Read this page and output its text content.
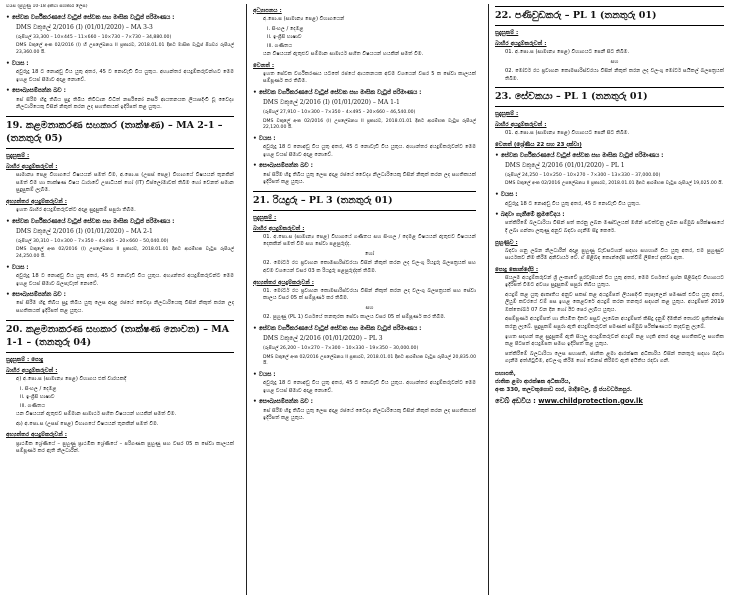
වයස (පුහුණු 10-18 දක්වා සහකාර ලෙස)
• සේවක වර්ගීකරණයේ වැටුප් සේවක සහ මාසික වැටුප් පරිමාණය :
DMS වකුලේ 2/2016 (I) (01/01/2020) – MA 3-3
(රුපියල් 33,300 – 10×445 – 11×660 – 10×730 – 7×730 – 34,880.00)
DMS වකුලේ අංක 02/2016 (I) හි උපලේඛනය II ප්‍රකාරව, 2018.01.01 දිනට මාසික වැටුප් පියවර රුපියල් 23,360.00 යි.
• වයස :
අවුරුදු 18 ට නොඅඩු විය යුතු අතර, 45 ට නොවැඩි විය යුතුය. අභ්‍යන්තර අයදුම්කරුවන්හට මෙම ඉහළ වයස් සීමාව අදාළ නොවේ.
• සෞඛ්‍යසම්පන්න බව :
සේ සිරීම හිඳු තිබිය සුදු තිබිය තිවිධාන විධිත් නර්සිනෝ නර්සි ආයතනයක ලියාපදිංචි වූ වෛද්‍ය නිලධාරියෙකු විසින් නිකුත් කරන ලද සහතිකයක් ඉදිරිපත් කළ යුතුය.
19. කළමනාකරණ සහකාර (තාක්ෂණ) – MA 2-1 – (තනතුරු 05)
සුදුසුකම් :
බාහිර අයදුම්කරුවන් :
සාමාන්‍ය පෙළ විභාගයේ විෂයයන් සමත් වීම, අ.පො.ස (උසස් පෙළ) විභාගයේ විෂයයන් තුනකින් සමත් වීම හා තාක්ෂණ විෂය ධාරාවේ උපාධියක් හෝ (IT) ඩිප්ලෝමාවක් තිබීම හෝ වෙනත් සමාන සුදුසුකම් ලැබීම.
අභ්‍යන්තර අයදුම්කරුවන් :
ඉහත බාහිර අයදුම්කරුවන්ට අදාළ සුදුසුකම් සපුරා තිබීම.
• සේවක වර්ගීකරණයේ වැටුප් සේවක සහ මාසික වැටුප් පරිමාණය :
DMS වකුලේ 2/2016 (I) (01/01/2020) – MA 2-1
(රුපියල් 30,310 – 10×300 – 7×350 – 4×495 – 20×660 – 50,040.00)
DMS වකුලේ අංක 02/2016 (I) උපලේඛනය II ප්‍රකාරව, 2018.01.01 දිනට ආරම්භක වැටුප රුපියල් 24,250.00 යි.
• වයස :
අවුරුදු 18 ට නොඅඩු විය යුතු අතර, 45 ට නොවැඩි විය යුතුය. අභ්‍යන්තර අයදුම්කරුවන්ට මෙම ඉහළ වයස් සීමාව බලපැවැත් නොවේ.
• සෞඛ්‍යසම්පන්න බව :
සේ සිරීම හිඳු තිබිය සුදු තිබිය යුතු ලෙස අදාළ රජයේ වෛද්‍ය නිලධාරියෙකු විසින් නිකුත් කරන ලද සහතිකයක් ඉදිරිපත් කළ යුතුය.
20. කළමනාකරණ සහකාර (තාක්ෂණ නොවන) – MA 1-1 – (තනතුරු 04)
සුදුසුකම් : පොදු
බාහිර අයදුම්කරුවන් :
අ) අ.පො.ස (සාමාන්‍ය පෙළ) විභාගය එක් වාරයකදී
i. සිංහල / දෙමළ
ii. ඉංග්‍රීසි භාෂාව
iii. ගණිතය
යන විෂයයන් ඇතුළුව සම්මාන සාමාර්ථ සහිත විෂයයන් හයකින් සමත් වීම.
ආ) අ.පො.ස (උසස් පෙළ) විභාගයේ විෂයයන් තුනකින් සමත් වීම.
අභ්‍යන්තර අයදුම්කරුවන් :
ප්‍රාථමික ශ්‍රේණියේ – පුහුණු ප්‍රාථමික ශ්‍රේණියේ – පරිගණක පුහුණු සහ වසර 05 ක සේවා කාලයක් සම්පූර්ණ කර ඇති නිලධාරීන්.
අධ්‍යාපනය :
අ.පො.ස (සාමාන්‍ය පෙළ) විභාගයෙන්
i. සිංහල / දෙමළ
ii. ඉංග්‍රීසි භාෂාව
iii. ගණිතය
යන විෂයයන් ඇතුළුව සම්මාන සාමාර්ථ සහිත විෂයයන් හයකින් සමත් වීම.
වෙනත් :
ඉහත සේවක වර්ගීකරණය යටතේ රජයේ ආයතනයක අවම වශයෙන් වසර 5 ක සේවා කාලයක් සම්පූර්ණ කර තිබීම.
• සේවක වර්ගීකරණයේ වැටුප් සේවක සහ මාසික වැටුප් පරිමාණය :
DMS වකුලේ 2/2016 (I) (01/01/2020) – MA 1-1
(රුපියල් 27,910 – 10×300 – 7×350 – 4×495 – 20×660 – 46,540.00)
DMS වකුලේ අංක 02/2016 (I) උපලේඛනය II ප්‍රකාරව, 2018.01.01 දිනට ආරම්භක වැටුප රුපියල් 22,120.00 යි.
• වයස :
අවුරුදු 18 ට නොඅඩු විය යුතු අතර, 45 ට නොවැඩි විය යුතුය. අභ්‍යන්තර අයදුම්කරුවන්ට මෙම ඉහළ වයස් සීමාව අදාළ නොවේ.
• සෞඛ්‍යසම්පන්න බව :
සේ සිරීම හිඳු තිබිය යුතු ලෙස අදාළ රජයේ වෛද්‍ය නිලධාරියෙකු විසින් නිකුත් කරන ලද සහතිකයක් ඉදිරිපත් කළ යුතුය.
21. රියදුරු – PL 3 (තනතුරු 01)
සුදුසුකම් :
බාහිර අයදුම්කරුවන් :
01. අ.පො.ස (සාමාන්‍ය පෙළ) විභාගයේ ගණිතය සහ සිංහල / දෙමළ විෂයයන් ඇතුළුව විෂයයන් දෙකකින් සමත් වීම සහ සේවා පළපුරුද්ද.
හෝ
02. මෝටර් රථ ප්‍රවාහන කොමසාරිස්වරයා විසින් නිකුත් කරන ලද වලංගු රියදුරු බලපත්‍රයක් සහ අවම වශයෙන් වසර 03 ක රියදුරු පළපුරුද්දක් තිබීම.
අභ්‍යන්තර අයදුම්කරුවන් :
01. මෝටර් රථ ප්‍රවාහන කොමසාරිස්වරයා විසින් නිකුත් කරන ලද වලංගු බලපත්‍රයක් සහ සේවා කාලය වසර 05 ක් සම්පූර්ණ කර තිබීම.
සහ
02. පුහුණු (PL 1) වර්ගයේ තනතුරක සේවා කාලය වසර 05 ක් සම්පූර්ණ කර තිබීම.
• සේවක වර්ගීකරණයේ වැටුප් සේවක සහ මාසික වැටුප් පරිමාණය :
DMS වකුලේ 2/2016 (01/01/2020) – PL 3
(රුපියල් 26,200 – 10×270 – 7×300 – 10×330 – 19×350 – 30,000.00)
DMS වකුලේ අංක 02/2016 උපලේඛනය II ප්‍රකාරව, 2018.01.01 දිනට ආරම්භක වැටුප රුපියල් 20,835.00 යි.
• වයස :
අවුරුදු 18 ට නොඅඩු විය යුතු අතර, 45 ට නොවැඩි විය යුතුය. අභ්‍යන්තර අයදුම්කරුවන්ට මෙම ඉහළ වයස් සීමාව අදාළ නොවේ.
• සෞඛ්‍යසම්පන්න බව :
සේ සිරීම හිඳු තිබිය යුතු ලෙස අදාළ රජයේ වෛද්‍ය නිලධාරියෙකු විසින් නිකුත් කරන ලද සහතිකයක් ඉදිරිපත් කළ යුතුය.
22. පණිවුඩකරු – PL 1 (තනතුරු 01)
සුදුසුකම් :
බාහිර අයදුම්කරුවන් :
01. අ.පො.ස (සාමාන්‍ය පෙළ) විභාගයට පෙනී සිට තිබීම.
සහ
02. මෝටර් රථ ප්‍රවාහන කොමසාරිස්වරයා විසින් නිකුත් කරන ලද වලංගු මෝටර් සයිකල් බලපත්‍රයක් තිබීම.
23. සේවකයා – PL 1 (තනතුරු 01)
සුදුසුකම් :
බාහිර අයදුම්කරුවන් :
01. අ.පො.ස (සාමාන්‍ය පෙළ) විභාගයට පෙනී සිට තිබීම.
වෙනත් (ශ්‍රේණිය 22 සහ 23 දක්වා)
• සේවක වර්ගීකරණයේ වැටුප් සේවක සහ මාසික වැටුප් පරිමාණය :
DMS වකුලේ 2/2016 (01/01/2020) – PL 1
(රුපියල් 24,250 – 10×250 – 10×270 – 7×300 – 13×330 – 37,000.00)
DMS වකුලේ අංක 02/2016 උපලේඛනය II ප්‍රකාරව, 2018.01.01 දිනට ආරම්භක වැටුප රුපියල් 19,025.00 යි.
• වයස :
අවුරුදු 18 ට නොඅඩු විය යුතු අතර, 45 ට නොවැඩි විය යුතුය.
• බඳවා ගැනීමේ ක්‍රමවේදය :
පත්කිරීමේ බලධාරියා විසින් පත් කරනු ලබන මණ්ඩලයක් මගින් පවත්වනු ලබන සම්මුඛ පරීක්ෂණයේ දී ලබා ගන්නා ලකුණු අනුව බඳවා ගැනීම සිදු කෙරේ.
පුහුණුව :
බඳවා ගනු ලබන නිලධාරීන් අදාළ පුහුණු වැඩසටහන් සඳහා සහභාගී විය යුතු අතර, එම පුහුණුව සාර්ථකව නිම කිරීම අනිවාර්ය වේ. ඒ පිළිබඳ කොන්දේසි පත්වීම් ලිපියේ දක්වා ඇත.
පොදු කොන්දේසි :
සියලුම අයදුම්කරුවන් ශ්‍රී ලංකාවේ පුරවැසියන් විය යුතු අතර, මෙම වර්ගයේ ප්‍රශ්න පිළිබඳව විභාගයට ඉදිරිපත් වීමට අවශ්‍ය සුදුසුකම් සපුරා තිබිය යුතුය.
අයදුම් කළ යුතු ආකෘතිය අනුව සකස් කළ අයදුම්පත් ලියාපදිංචි තැපෑලෙන් පමණක් එවිය යුතු අතර, ලියුම් කවරයේ වම් පස ඉහළ කෙළවරේ අයදුම් කරන තනතුර සඳහන් කළ යුතුය. අයදුම්පත් 2019 ඔක්තෝබර් 07 වන දින හෝ ඊට පෙර ලැබිය යුතුය.
අසම්පූර්ණ අයදුම්පත් හා නියමිත දිනට පසුව ලැබෙන අයදුම්පත් කිසිදු දැනුම් දීමකින් තොරව ප්‍රතික්ෂේප කරනු ලැබේ. සුදුසුකම් සපුරා ඇති අයදුම්කරුවන් පමණක් සම්මුඛ පරීක්ෂණයට කැඳවනු ලැබේ.
ඉහත සඳහන් කළ සුදුසුකම් ඇති සියලු අයදුම්කරුවන් අයදුම් කළ හැකි අතර අදාළ සහතිකවල සහතික කළ පිටපත් අයදුම්පත සමඟ ඉදිරිපත් කළ යුතුය.
පත්කිරීමේ බලධාරියා ලෙස සභාපති, ජාතික ළමා ආරක්ෂක අධිකාරිය විසින් තනතුරු සඳහා බඳවා ගැනීම අත්හිටුවීම, අවලංගු කිරීම හෝ වෙනස් කිරීමට ඇති අයිතිය රඳවා ගනී.
සභාපති,
ජාතික ළමා ආරක්ෂක අධිකාරිය,
අංක 330, තලවතුගොඩ පාර, මාදිවෙල, ශ්‍රී ජයවර්ධනපුර.
වෙබ් අඩවිය : www.childprotection.gov.lk
